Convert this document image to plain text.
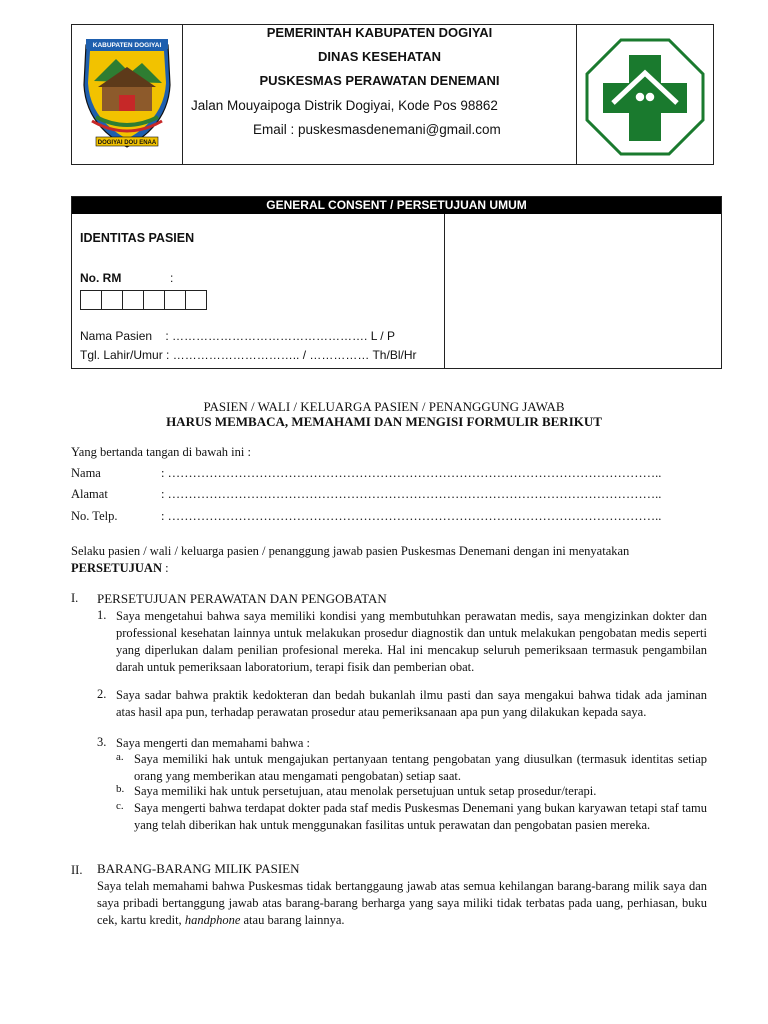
KABUPATEN DOGIYAI
DOGIYAI DOU ENAA
PEMERINTAH KABUPATEN DOGIYAI
DINAS KESEHATAN
PUSKESMAS PERAWATAN DENEMANI
Jalan Mouyaipoga Distrik Dogiyai, Kode Pos 98862
Email : puskesmasdenemani@gmail.com
GENERAL CONSENT / PERSETUJUAN UMUM
IDENTITAS PASIEN
No. RM	:
Nama Pasien    : …………………………………………. L / P
Tgl. Lahir/Umur : ………………………….. / …………… Th/Bl/Hr
PASIEN / WALI / KELUARGA PASIEN / PENANGGUNG JAWAB
HARUS MEMBACA, MEMAHAMI DAN MENGISI FORMULIR BERIKUT
Yang bertanda tangan di bawah ini :
Nama	: ………………………………………………………………………………………………………..
Alamat	: ………………………………………………………………………………………………………..
No. Telp.	: ………………………………………………………………………………………………………..
Selaku pasien / wali / keluarga pasien / penanggung jawab pasien Puskesmas Denemani dengan ini menyatakan
PERSETUJUAN :
I. PERSETUJUAN PERAWATAN DAN PENGOBATAN
1. Saya mengetahui bahwa saya memiliki kondisi yang membutuhkan perawatan medis, saya mengizinkan dokter dan professional kesehatan lainnya untuk melakukan prosedur diagnostik dan untuk melakukan pengobatan medis seperti yang diperlukan dalam penilian profesional mereka. Hal ini mencakup seluruh pemeriksaan termasuk pengambilan darah untuk pemeriksaan laboratorium, terapi fisik dan pemberian obat.
2. Saya sadar bahwa praktik kedokteran dan bedah bukanlah ilmu pasti dan saya mengakui bahwa tidak ada jaminan atas hasil apa pun, terhadap perawatan prosedur atau pemeriksanaan apa pun yang dilakukan kepada saya.
3. Saya mengerti dan memahami bahwa :
a. Saya memiliki hak untuk mengajukan pertanyaan tentang pengobatan yang diusulkan (termasuk identitas setiap orang yang memberikan atau mengamati pengobatan) setiap saat.
b. Saya memiliki hak untuk persetujuan, atau menolak persetujuan untuk setap prosedur/terapi.
c. Saya mengerti bahwa terdapat dokter pada staf medis Puskesmas Denemani yang bukan karyawan tetapi staf tamu yang telah diberikan hak untuk menggunakan fasilitas untuk perawatan dan pengobatan pasien mereka.
II. BARANG-BARANG MILIK PASIEN
Saya telah memahami bahwa Puskesmas tidak bertanggaung jawab atas semua kehilangan barang-barang milik saya dan saya pribadi bertanggung jawab atas barang-barang berharga yang saya miliki tidak terbatas pada uang, perhiasan, buku cek, kartu kredit, handphone atau barang lainnya.
